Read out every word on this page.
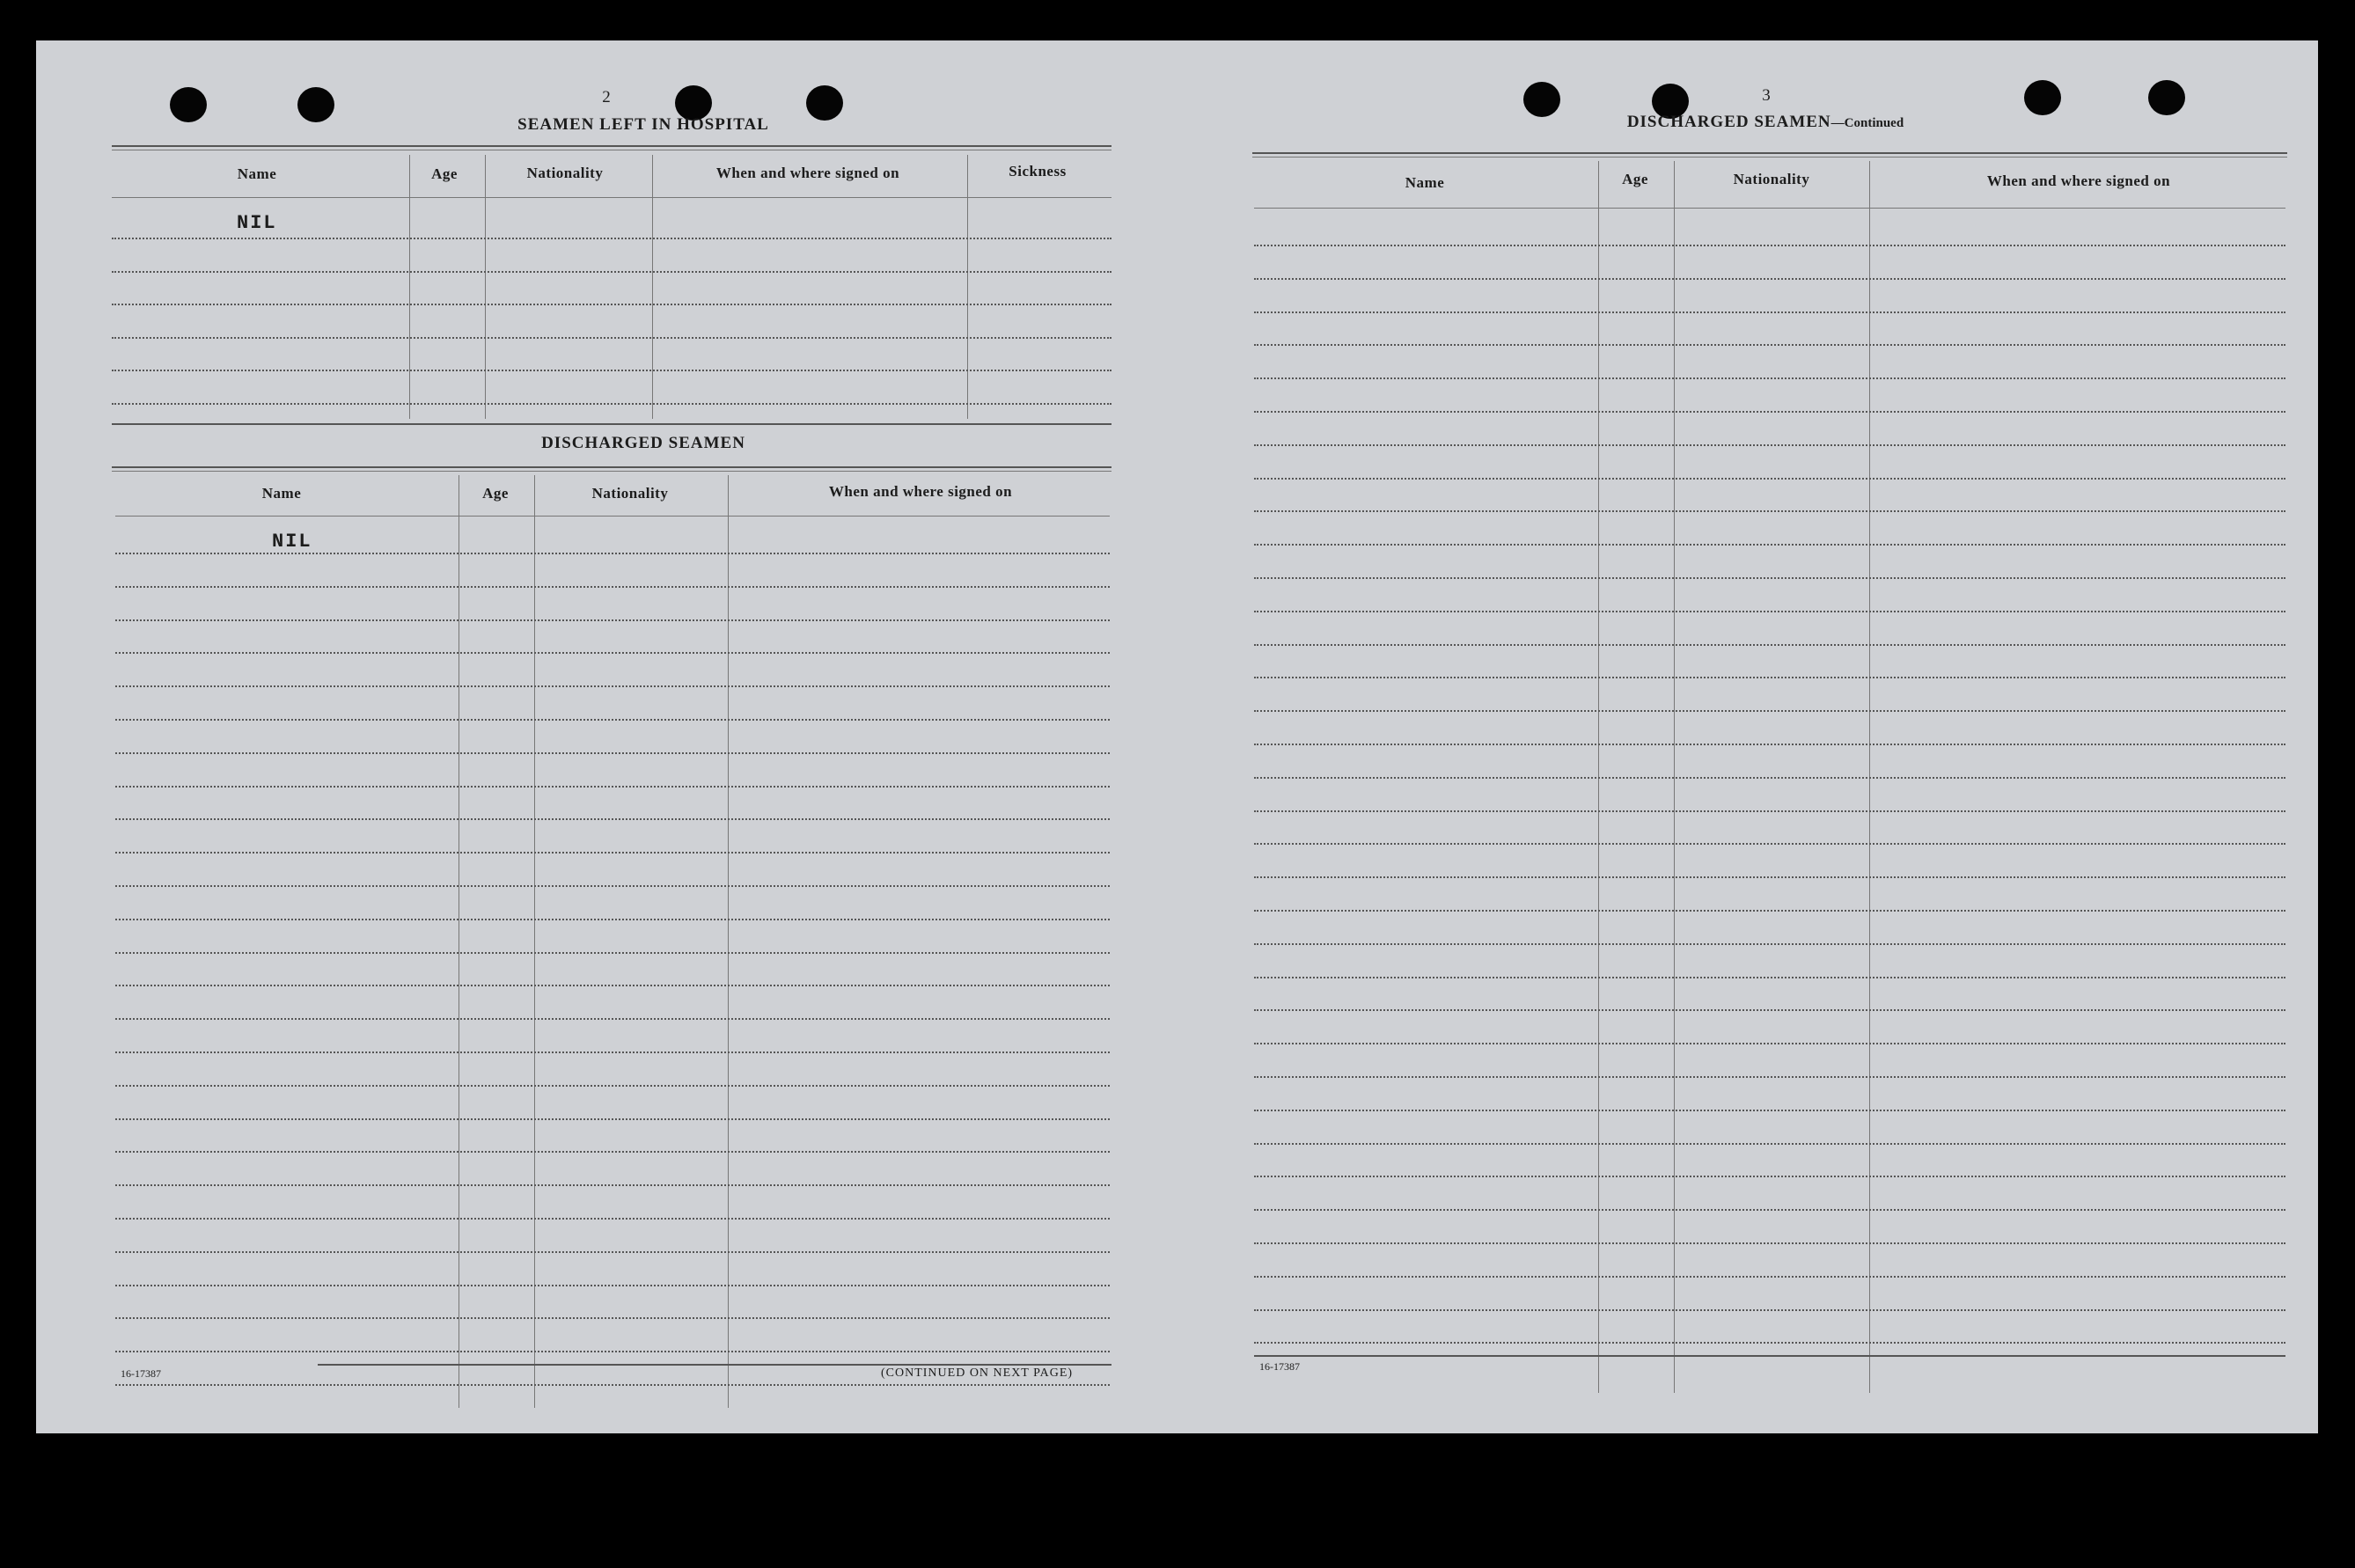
2
SEAMEN LEFT IN HOSPITAL
Name	Age	Nationality	When and where signed on	Sickness
NIL
DISCHARGED SEAMEN
Name	Age	Nationality	When and where signed on
NIL
16-17387	(CONTINUED ON NEXT PAGE)
3
DISCHARGED SEAMEN—Continued
Name	Age	Nationality	When and where signed on
16-17387
